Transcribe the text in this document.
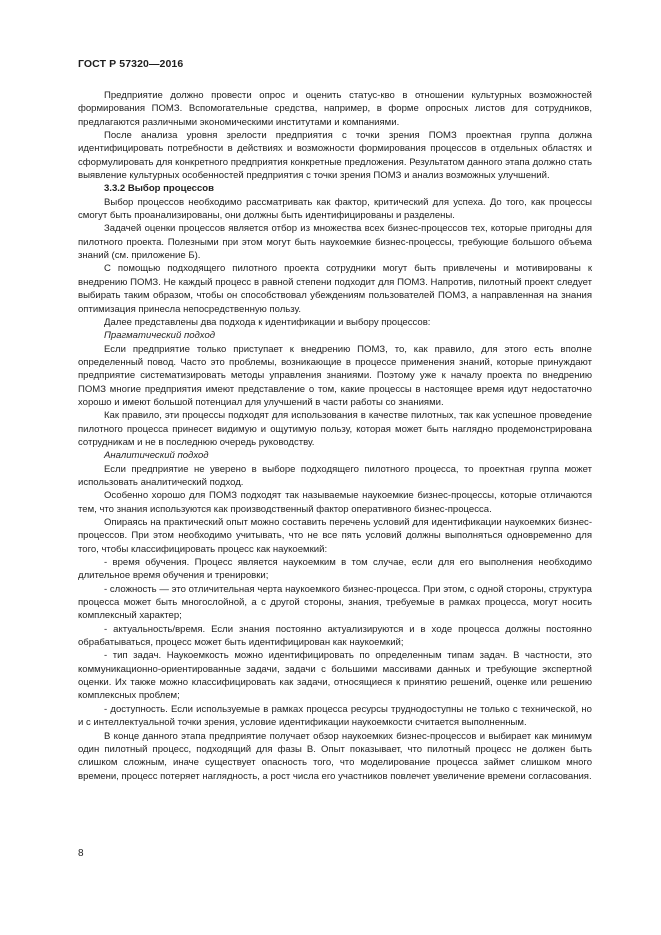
ГОСТ Р 57320—2016

Предприятие должно провести опрос и оценить статус-кво в отношении культурных возможностей формирования ПОМЗ. Вспомогательные средства, например, в форме опросных листов для сотрудников, предлагаются различными экономическими институтами и компаниями.

После анализа уровня зрелости предприятия с точки зрения ПОМЗ проектная группа должна идентифицировать потребности в действиях и возможности формирования процессов в отдельных областях и сформулировать для конкретного предприятия конкретные предложения. Результатом данного этапа должно стать выявление культурных особенностей предприятия с точки зрения ПОМЗ и анализ возможных улучшений.

3.3.2 Выбор процессов

Выбор процессов необходимо рассматривать как фактор, критический для успеха. До того, как процессы смогут быть проанализированы, они должны быть идентифицированы и разделены.

Задачей оценки процессов является отбор из множества всех бизнес-процессов тех, которые пригодны для пилотного проекта. Полезными при этом могут быть наукоемкие бизнес-процессы, требующие большого объема знаний (см. приложение Б).

С помощью подходящего пилотного проекта сотрудники могут быть привлечены и мотивированы к внедрению ПОМЗ. Не каждый процесс в равной степени подходит для ПОМЗ. Напротив, пилотный проект следует выбирать таким образом, чтобы он способствовал убеждениям пользователей ПОМЗ, а направленная на знания оптимизация принесла непосредственную пользу.

Далее представлены два подхода к идентификации и выбору процессов:

Прагматический подход

Если предприятие только приступает к внедрению ПОМЗ, то, как правило, для этого есть вполне определенный повод. Часто это проблемы, возникающие в процессе применения знаний, которые принуждают предприятие систематизировать методы управления знаниями. Поэтому уже к началу проекта по внедрению ПОМЗ многие предприятия имеют представление о том, какие процессы в настоящее время идут недостаточно хорошо и имеют большой потенциал для улучшений в части работы со знаниями.

Как правило, эти процессы подходят для использования в качестве пилотных, так как успешное проведение пилотного процесса принесет видимую и ощутимую пользу, которая может быть наглядно продемонстрирована сотрудникам и не в последнюю очередь руководству.

Аналитический подход

Если предприятие не уверено в выборе подходящего пилотного процесса, то проектная группа может использовать аналитический подход.

Особенно хорошо для ПОМЗ подходят так называемые наукоемкие бизнес-процессы, которые отличаются тем, что знания используются как производственный фактор оперативного бизнес-процесса.

Опираясь на практический опыт можно составить перечень условий для идентификации наукоемких бизнес-процессов. При этом необходимо учитывать, что не все пять условий должны выполняться одновременно для того, чтобы классифицировать процесс как наукоемкий:

- время обучения. Процесс является наукоемким в том случае, если для его выполнения необходимо длительное время обучения и тренировки;

- сложность — это отличительная черта наукоемкого бизнес-процесса. При этом, с одной стороны, структура процесса может быть многослойной, а с другой стороны, знания, требуемые в рамках процесса, могут носить комплексный характер;

- актуальность/время. Если знания постоянно актуализируются и в ходе процесса должны постоянно обрабатываться, процесс может быть идентифицирован как наукоемкий;

- тип задач. Наукоемкость можно идентифицировать по определенным типам задач. В частности, это коммуникационно-ориентированные задачи, задачи с большими массивами данных и требующие экспертной оценки. Их также можно классифицировать как задачи, относящиеся к принятию решений, оценке или решению комплексных проблем;

- доступность. Если используемые в рамках процесса ресурсы труднодоступны не только с технической, но и с интеллектуальной точки зрения, условие идентификации наукоемкости считается выполненным.

В конце данного этапа предприятие получает обзор наукоемких бизнес-процессов и выбирает как минимум один пилотный процесс, подходящий для фазы В. Опыт показывает, что пилотный процесс не должен быть слишком сложным, иначе существует опасность того, что моделирование процесса займет слишком много времени, процесс потеряет наглядность, а рост числа его участников повлечет увеличение времени согласования.

8
